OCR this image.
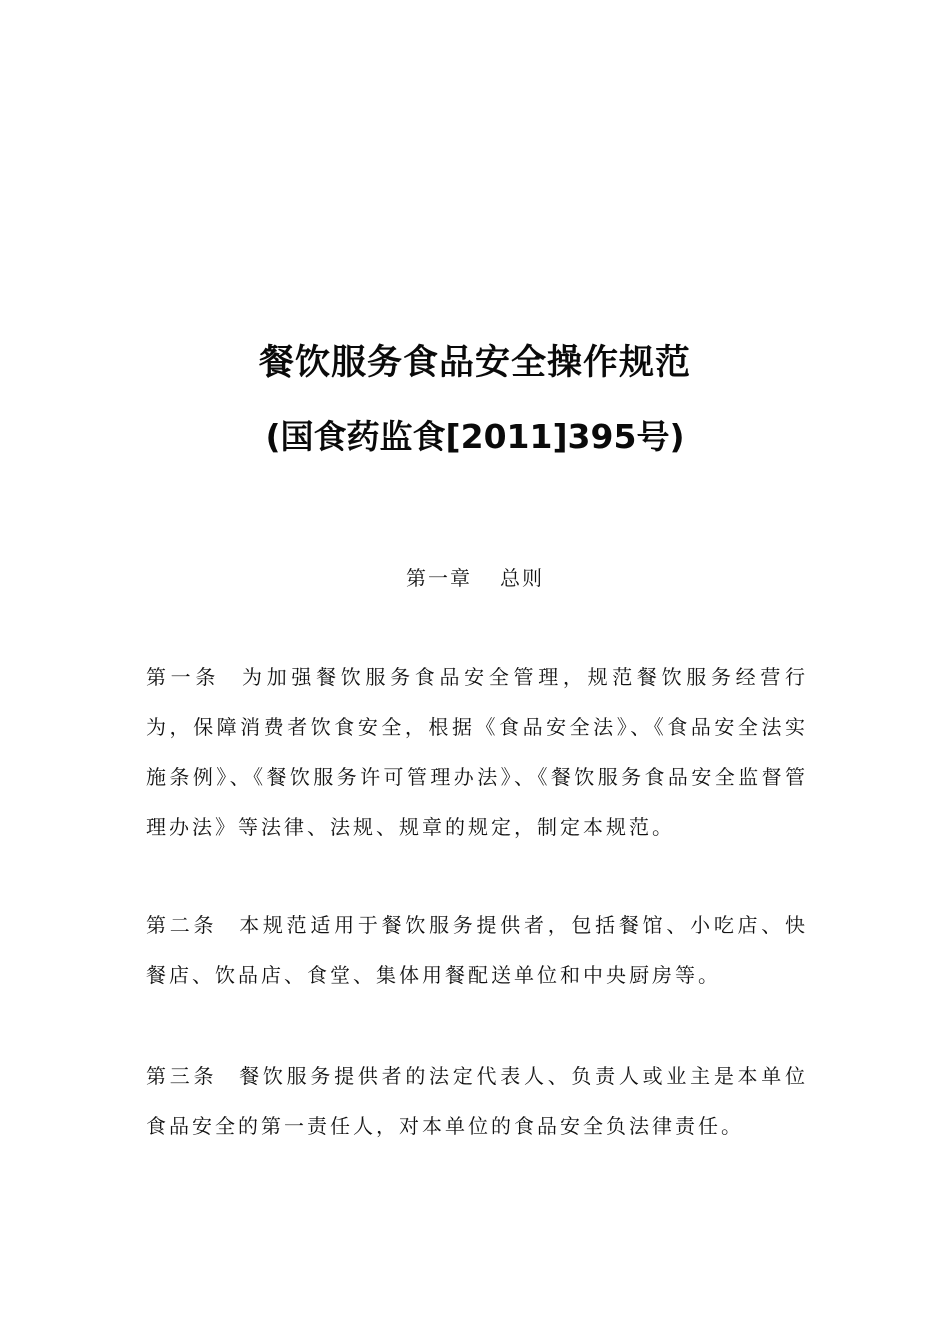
餐饮服务食品安全操作规范
(国食药监食[2011]395号)
第一章 总则

第一条 为加强餐饮服务食品安全管理，规范餐饮服务经营行为，保障消费者饮食安全，根据《食品安全法》、《食品安全法实施条例》、《餐饮服务许可管理办法》、《餐饮服务食品安全监督管理办法》等法律、法规、规章的规定，制定本规范。

第二条 本规范适用于餐饮服务提供者，包括餐馆、小吃店、快餐店、饮品店、食堂、集体用餐配送单位和中央厨房等。

第三条 餐饮服务提供者的法定代表人、负责人或业主是本单位食品安全的第一责任人，对本单位的食品安全负法律责任。
